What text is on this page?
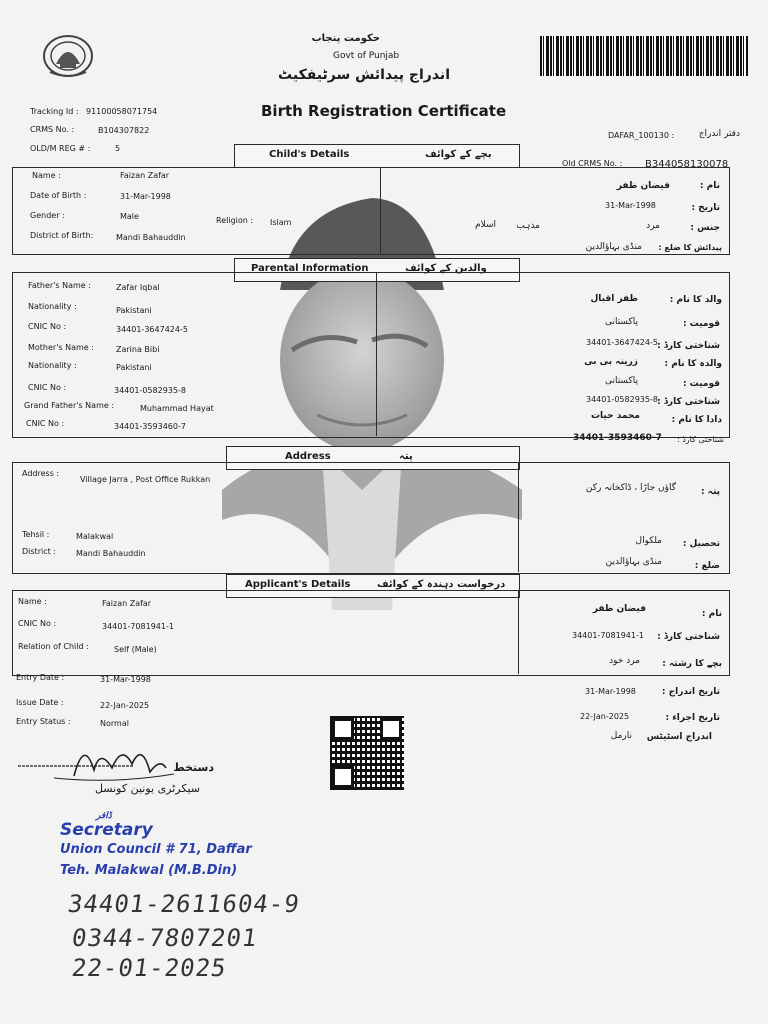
حکومت پنجاب
Govt of Punjab
اندراج پیدائش سرٹیفکیٹ
Birth Registration Certificate
Tracking Id : 91100058071754
CRMS No. :	B104307822
OLD/M REG # :	5
DAFAR_100130 :	دفتر اندراج
Old CRMS No. : B344058130078
Child's Details	بچے کے کوائف
Name :	Faizan Zafar
Date of Birth :	31-Mar-1998
Gender :	Male	Religion : Islam
District of Birth:	Mandi Bahauddin
نام :
فیضان ظفر
تاریخ :
31-Mar-1998
جنس :
مرد
مذہب
اسلام
پیدائش کا ضلع :
منڈی بہاؤالدین
Parental Information	والدین کے کوائف
Father's Name :	Zafar Iqbal
Nationality :	Pakistani
CNIC No :	34401-3647424-5
Mother's Name :	Zarina Bibi
Nationality :	Pakistani
CNIC No :	34401-0582935-8
Grand Father's Name :	Muhammad Hayat
CNIC No :	34401-3593460-7
والد کا نام :
ظفر اقبال
قومیت :
پاکستانی
شناختی کارڈ :
34401-3647424-5
والدہ کا نام :
زرینہ بی بی
قومیت :
پاکستانی
شناختی کارڈ :
34401-0582935-8
دادا کا نام :
محمد حیات
شناختی کارڈ :
34401-3593460-7
Address	پتہ
Address :
Village Jarra , Post Office Rukkan
Tehsil :	Malakwal
District :	Mandi Bahauddin
پتہ :
گاؤں جاڑا ، ڈاکخانہ رکن
تحصیل :
ملکوال
ضلع :
منڈی بہاؤالدین
Applicant's Details	درخواست دہندہ کے کوائف
Name :	Faizan Zafar
CNIC No :	34401-7081941-1
Relation of Child :	Self (Male)
نام :
فیضان ظفر
شناختی کارڈ :
34401-7081941-1
بچے کا رشتہ :
مرد خود
Entry Date :	31-Mar-1998
Issue Date :	22-Jan-2025
Entry Status :	Normal
تاریخ اندراج :
31-Mar-1998
تاریخ اجراء :
22-Jan-2025
اندراج اسٹیٹس
نارمل
دستخط
سیکرٹری یونین کونسل
ڈافر
Secretary
Union Council # 71, Daffar
Teh. Malakwal (M.B.Din)
34401-2611604-9
0344-7807201
22-01-2025
